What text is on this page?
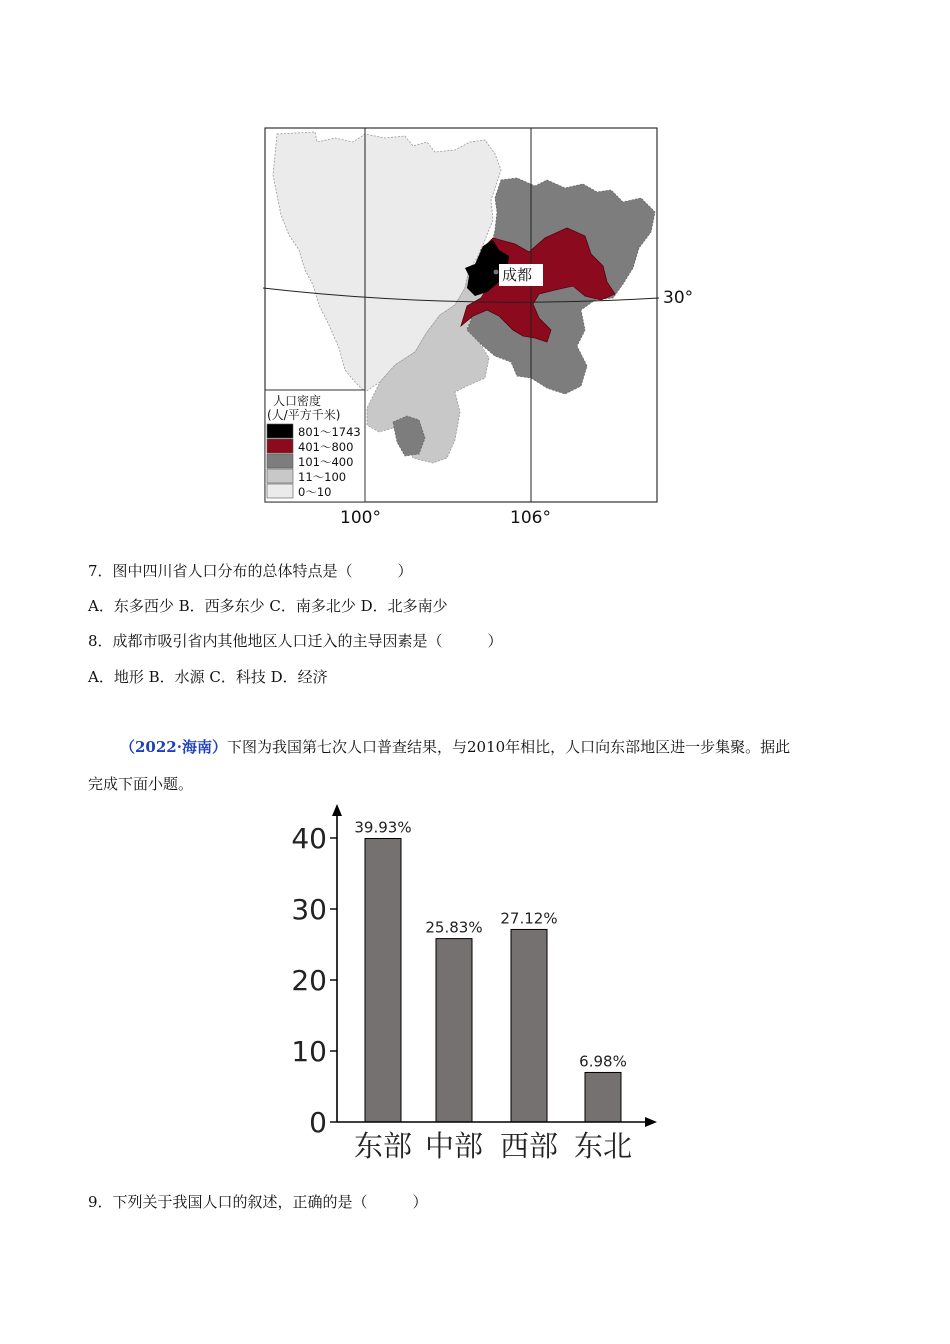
成都
30°
100°	106°
人口密度
(人/平方千米)
801～1743
401～800
101～400
11～100
0～10
7．图中四川省人口分布的总体特点是（　　　）
A．东多西少 B．西多东少 C．南多北少 D．北多南少
8．成都市吸引省内其他地区人口迁入的主导因素是（　　　）
A．地形 B．水源 C．科技 D．经济
（2022·海南）下图为我国第七次人口普查结果，与2010年相比，人口向东部地区进一步集聚。据此
完成下面小题。
0
10
20
30
40 39.93%
25.83%
27.12%
6.98%
东部 中部 西部 东北
9．下列关于我国人口的叙述，正确的是（　　　）
